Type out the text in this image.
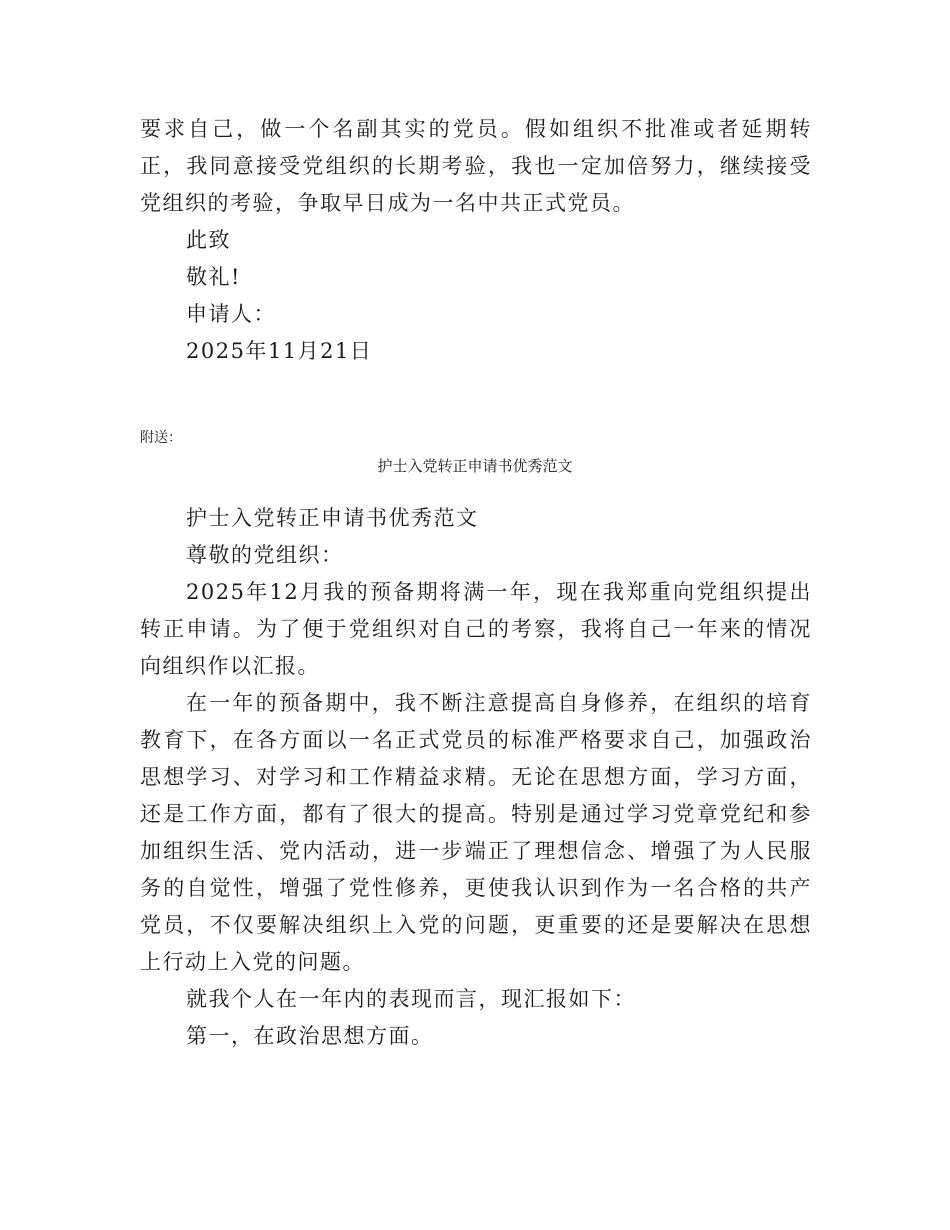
要求自己，做一个名副其实的党员。假如组织不批准或者延期转正，我同意接受党组织的长期考验，我也一定加倍努力，继续接受党组织的考验，争取早日成为一名中共正式党员。

此致

敬礼!

申请人：

2025年11月21日

附送：

护士入党转正申请书优秀范文

护士入党转正申请书优秀范文

尊敬的党组织：

2025年12月我的预备期将满一年，现在我郑重向党组织提出转正申请。为了便于党组织对自己的考察，我将自己一年来的情况向组织作以汇报。

在一年的预备期中，我不断注意提高自身修养，在组织的培育教育下，在各方面以一名正式党员的标准严格要求自己，加强政治思想学习、对学习和工作精益求精。无论在思想方面，学习方面，还是工作方面，都有了很大的提高。特别是通过学习党章党纪和参加组织生活、党内活动，进一步端正了理想信念、增强了为人民服务的自觉性，增强了党性修养，更使我认识到作为一名合格的共产党员，不仅要解决组织上入党的问题，更重要的还是要解决在思想上行动上入党的问题。

就我个人在一年内的表现而言，现汇报如下：

第一，在政治思想方面。
